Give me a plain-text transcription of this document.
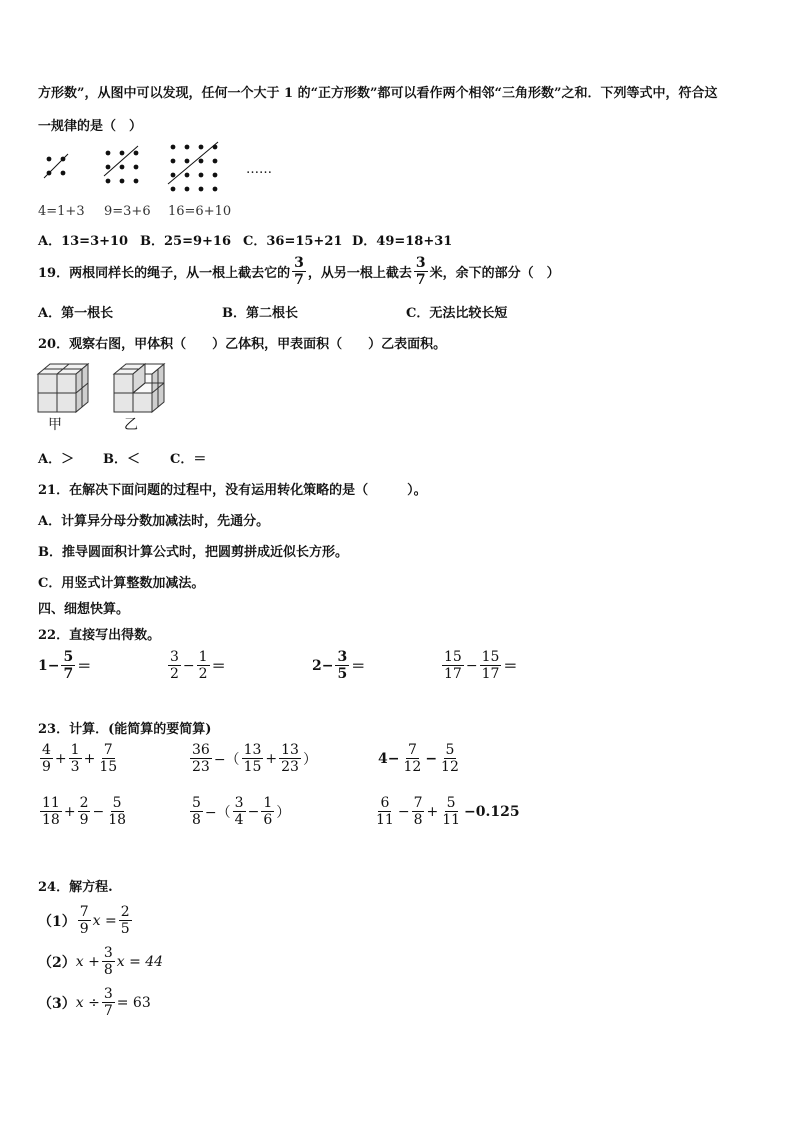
方形数”，从图中可以发现，任何一个大于 1 的“正方形数”都可以看作两个相邻“三角形数”之和．下列等式中，符合这
一规律的是（　）
……
4=1+3 9=3+6 16=6+10
A．13=3+10 B．25=9+16 C．36=15+21 D．49=18+31
19．两根同样长的绳子，从一根上截去它的 $\frac{3}{7}$ ，从另一根上截去 $\frac{3}{7}$ 米，余下的部分（　）
A．第一根长	B．第二根长	C．无法比较长短
20．观察右图，甲体积（　　）乙体积，甲表面积（　　）乙表面积。
甲	乙
A．＞ B．＜ C．＝
21．在解决下面问题的过程中，没有运用转化策略的是（　　　）。
A．计算异分母分数加减法时，先通分。
B．推导圆面积计算公式时，把圆剪拼成近似长方形。
C．用竖式计算整数加减法。
四、细想快算。
22．直接写出得数。
$1- \frac{5}{7}$ ＝	$\frac{3}{2} - \frac{1}{2}$ ＝	$2- \frac{3}{5}$ ＝	$\frac{15}{17} - \frac{15}{17}$ ＝
23．计算．(能简算的要简算)
$\frac{4}{9} + \frac{1}{3} + \frac{7}{15}$	$\frac{36}{23}$ −（ $\frac{13}{15} + \frac{13}{23}$ ）	$4- \frac{7}{12} - \frac{5}{12}$
$\frac{11}{18} + \frac{2}{9} - \frac{5}{18}$	$\frac{5}{8}$ −（ $\frac{3}{4} - \frac{1}{6}$ ）	$\frac{6}{11} - \frac{7}{8} + \frac{5}{11} -0.125$
24．解方程.
$(1) \frac{7}{9}$ $x = \frac{2}{5}$
（2） $x + \frac{3}{8}$ x = 44
（3） $x \div \frac{3}{7} = 63$
